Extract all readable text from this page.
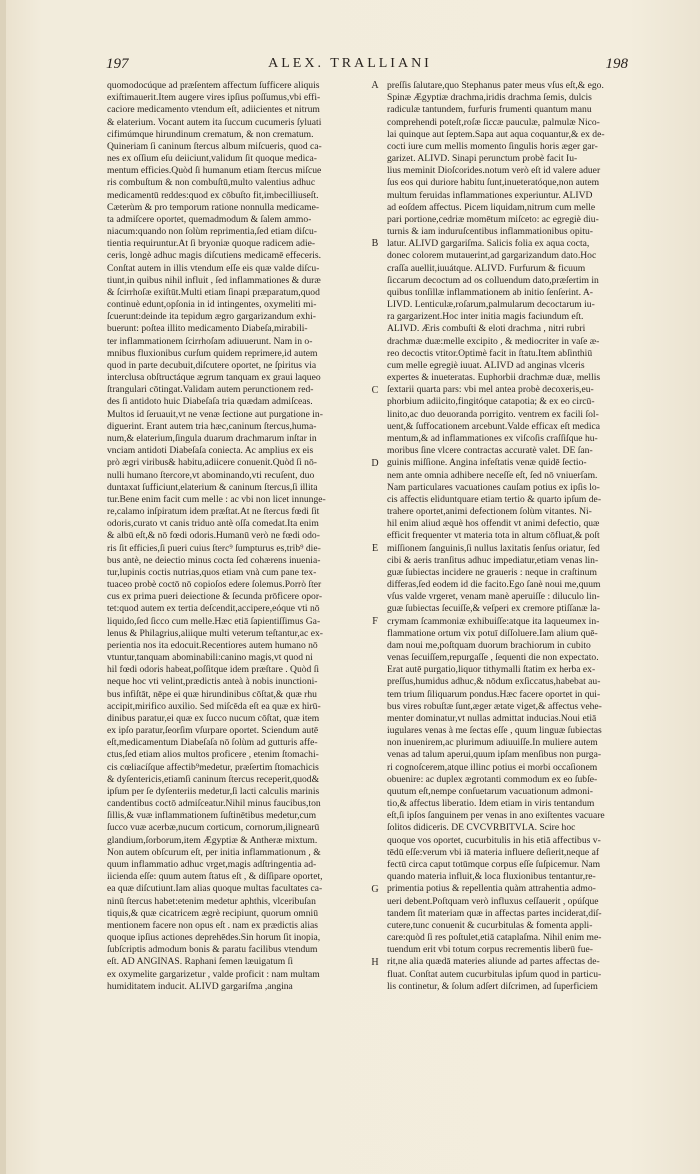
197	ALEX. TRALLIANI	198
quomodocúque ad præſentem affectum ſufficere aliquis
exiſtimauerit.Item augere vires ipſius poſſumus,vbi effi-
caciore medicamento vtendum eſt, adiicientes et nitrum
& elaterium. Vocant autem ita ſuccum cucumeris ſyluati
cifimúmque hirundinum crematum, & non crematum.
Quineriam ſi caninum ſtercus album miſcueris, quod ca-
nes ex oſſium eſu deiiciunt,validum ſit quoque medica-
mentum efficies.Quòd ſi humanum etiam ſtercus miſcue
ris combuſtum & non combuſtū,multo valentius adhuc
medicamentū reddes:quod ex cōbuſto fit,imbecilliuseſt.
Cæterùm & pro temporum ratione nonnulla medicame-
ta admiſcere oportet, quemadmodum & ſalem ammo-
niacum:quando non ſolùm reprimentia,ſed etiam diſcu-
tientia requiruntur.At ſi bryoniæ quoque radicem adie-
ceris, longè adhuc magis diſcutiens medicamē effeceris.
Conſtat autem in illis vtendum eſſe eis quæ valde diſcu-
tiunt,in quibus nihil influit , ſed inflammationes & duræ
& ſcirrhoſæ exiſtūt.Multi etiam ſinapi præparatum,quod
continuè edunt,opſonia in id intingentes, oxymeliti mi-
ſcuerunt:deinde ita tepidum ægro gargarizandum exhi-
buerunt: poſtea illito medicamento Diabeſa,mirabili-
ter inflammationem ſcirrhoſam adiuuerunt. Nam in o-
mnibus fluxionibus curſum quidem reprimere,id autem
quod in parte decubuit,diſcutere oportet, ne ſpiritus via
interclusa obſtructáque ægrum tanquam ex graui laqueo
ſtrangulari cōtingat.Validam autem perunctionem red-
des ſi antidoto huic Diabeſaſa tria quædam admiſceas.
Multos id ſeruauit,vt ne venæ ſectione aut purgatione in-
diguerint. Erant autem tria hæc,caninum ſtercus,huma-
num,& elaterium,ſingula duarum drachmarum inſtar in
vnciam antidoti Diabeſaſa coniecta. Ac amplius ex eis
prò ægri viribus& habitu,adiicere conuenit.Quòd ſi nō-
nulli humano ſtercore,vt abominando,vti recuſent, duo
duntaxat ſufficiunt,elaterium & caninum ſtercus,ſi illita
tur.Bene enim facit cum melle : ac vbi non licet innunge-
re,calamo inſpiratum idem præſtat.At ne ſtercus fœdi ſit
odoris,curato vt canis triduo antè oſſa comedat.Ita enim
& albū eſt,& nō fœdi odoris.Humanū verò ne fœdi odo-
ris ſit efficies,ſi pueri cuius ſterc⁹ ſumpturus es,trib⁹ die-
bus antè, ne deiectio minus cocta ſed cohærens inuenia-
tur,lupinis coctis nutrias,quos etiam vnà cum pane tex-
tuaceo probè coctō nō copioſos edere ſolemus.Porrò ſter
cus ex prima pueri deiectione & ſecunda prōficere opor-
tet:quod autem ex tertia deſcendit,accipere,eóque vti nō
liquido,ſed ſicco cum melle.Hæc etiā ſapientiſſimus Ga-
lenus & Philagrius,aliique multi veterum teſtantur,ac ex-
perientia nos ita edocuit.Recentiores autem humano nō
vtuntur,tanquam abominabili:canino magis,vt quod ni
hil fœdi odoris habeat,poſſitque idem præſtare . Quòd ſi
neque hoc vti velint,prædictis anteà à nobis inunctioni-
bus infiſtāt, nēpe ei quæ hirundinibus cōſtat,& quæ rhu
accipit,mirifico auxilio. Sed miſcēda eſt ea quæ ex hirū-
dinibus paratur,ei quæ ex ſucco nucum cōſtat, quæ item
ex ipſo paratur,ſeorſim vſurpare oportet. Sciendum autē
eſt,medicamentum Diabeſaſa nō ſolùm ad gutturis affe-
ctus,ſed etiam alios multos proficere , etenim ſtomachi-
cis cœliacíſque affectib⁹medetur, præſertim ſtomachicis
& dyſentericis,etiamſi caninum ſtercus receperit,quod&
ipſum per ſe dyſenteriis medetur,ſi lacti calculis marinis
candentibus coctō admiſceatur.Nihil minus faucibus,ton
ſillis,& vuæ inflammationem ſuſtinētibus medetur,cum
ſucco vuæ acerbæ,nucum corticum, cornorum,ilignearū
glandium,ſorborum,item Ægyptiæ & Antheræ mixtum.
Non autem obſcurum eſt, per initia inflammationum , &
quum inflammatio adhuc vrget,magis adſtringentia ad-
iicienda eſſe: quum autem ſtatus eſt , & diſſipare oportet,
ea quæ diſcutiunt.Iam alias quoque multas facultates ca-
ninū ſtercus habet:etenim medetur aphthis, vlceribuſan
tiquis,& quæ cicatricem ægrè recipiunt, quorum omniū
mentionem facere non opus eſt . nam ex prædictis alias
quoque ipſius actiones deprehēdes.Sin horum ſit inopia,
ſubſcriptis admodum bonis & paratu facilibus vtendum
eſt. AD ANGINAS. Raphani ſemen læuigatum ſi
ex oxymelite gargarizetur , valde proficit : nam multam
humiditatem inducit. ALIVD gargariſma ,angina
A
B
C
D
E
F
G
H
preſſis ſalutare,quo Stephanus pater meus vſus eſt,& ego.
Spinæ Ægyptiæ drachma,iridis drachma ſemis, dulcis
radiculæ tantundem, furfuris frumenti quantum manu
comprehendi poteſt,roſæ ſiccæ pauculæ, palmulæ Nico-
lai quinque aut ſeptem.Sapa aut aqua coquantur,& ex de-
cocti iure cum mellis momento ſingulis horis æger gar-
garizet. ALIVD. Sinapi perunctum probè facit Iu-
lius meminit Dioſcorides.notum verò eſt id valere aduer
ſus eos qui duriore habitu ſunt,inueteratóque,non autem
multum feruidas inflammationes experiuntur. ALIVD
ad eoſdem affectus. Picem liquidam,nitrum cum melle
pari portione,cedriæ momētum miſceto: ac egregiè diu-
turnis & iam induruſcentibus inflammationibus opitu-
latur. ALIVD gargariſma. Salicis folia ex aqua cocta,
donec colorem mutauerint,ad gargarizandum dato.Hoc
craſſa auellit,iuuátque. ALIVD. Furfurum & ficuum
ſiccarum decoctum ad os colluendum dato,præſertim in
quibus tonſillæ inflammationem ab initio ſenſerint. A-
LIVD. Lenticulæ,roſarum,palmularum decoctarum iu-
ra gargarizent.Hoc inter initia magis faciundum eſt.
ALIVD. Æris combuſti & eloti drachma , nitri rubri
drachmæ duæ:melle excipito , & mediocriter in vaſe æ-
reo decoctis vtitor.Optimè facit in ſtatu.Item abſinthiū
cum melle egregiè iuuat. ALIVD ad anginas vlceris
expertes & inueteratas. Euphorbii drachmæ duæ, mellis
ſextarii quarta pars: vbi mel antea probè decoxeris,eu-
phorbium adiicito,fingitóque catapotia; & ex eo circū-
linito,ac duo deuoranda porrigito. ventrem ex facili ſol-
uent,& ſuffocationem arcebunt.Valde efficax eſt medica
mentum,& ad inflammationes ex viſcoſis craſſiſque hu-
moribus ſine vlcere contractas accuratè valet. DE ſan-
guinis miſſione. Angina infeſtatis venæ quidē ſectio-
nem ante omnia adhibere neceſſe eſt, ſed nō vniuerſam.
Nam particulares vacuationes cauſam potius ex ipſis lo-
cis affectis eliduntquare etiam tertio & quarto ipſum de-
trahere oportet,animi defectionem ſolùm vitantes. Ni-
hil enim aliud æquè hos offendit vt animi defectio, quæ
efficit frequenter vt materia tota in altum cōfluat,& poſt
miſſionem ſanguinis,ſi nullus laxitatis ſenſus oriatur, ſed
cibi & aeris tranſitus adhuc impediatur,etiam venas lin-
guæ ſubiectas incidere ne graueris : neque in craſtinum
differas,ſed eodem id die facito.Ego ſanè noui me,quum
vſus valde vrgeret, venam manè aperuiſſe : diluculo lin-
guæ ſubiectas ſecuiſſe,& veſperi ex cremore ptiſſanæ la-
crymam ſcammoniæ exhibuiſſe:atque ita laqueumex in-
flammatione ortum vix potuī diſſoluere.Iam alium quē-
dam noui me,poſtquam duorum brachiorum in cubito
venas ſecuiſſem,repurgaſſe , ſequenti die non expectato.
Erat autē purgatio,liquor tithymalli ſtatim ex herba ex-
preſſus,humidus adhuc,& nōdum exſiccatus,habebat au-
tem trium ſiliquarum pondus.Hæc facere oportet in qui-
bus vires robuſtæ ſunt,æger ætate viget,& affectus vehe-
menter dominatur,vt nullas admittat inducias.Noui etiā
iugulares venas à me ſectas eſſe , quum linguæ ſubiectas
non inuenirem,ac plurimum adiuuiſſe.In muliere autem
venas ad talum aperui,quum ipſam menſibus non purga-
ri cognoſcerem,atque illinc potius ei morbi occaſionem
obuenire: ac duplex ægrotanti commodum ex eo ſubſe-
quutum eſt,nempe conſuetarum vacuationum admoni-
tio,& affectus liberatio. Idem etiam in viris tentandum
eſt,ſi ipſos ſanguinem per venas in ano exiſtentes vacuare
ſolitos didiceris. DE CVCVRBITVLA. Scire hoc
quoque vos oportet, cucurbitulis in his etiā affectibus v-
tēdū eſſe:verum vbi iā materia influere deſierit,neque af
fectū circa caput totūmque corpus eſſe ſuſpicemur. Nam
quando materia influit,& loca fluxionibus tentantur,re-
primentia potius & repellentia quàm attrahentia admo-
ueri debent.Poſtquam verò influxus ceſſauerit , opúſque
tandem ſit materiam quæ in affectas partes inciderat,diſ-
cutere,tunc conuenit & cucurbitulas & fomenta appli-
care:quòd ſi res poſtulet,etiā cataplaſma. Nihil enim me-
tuendum erit vbi totum corpus recrementis liberū fue-
rit,ne alia quædā materies aliunde ad partes affectas de-
fluat. Conſtat autem cucurbitulas ipſum quod in particu-
lis continetur, & ſolum adſert diſcrimen, ad ſuperficiem
